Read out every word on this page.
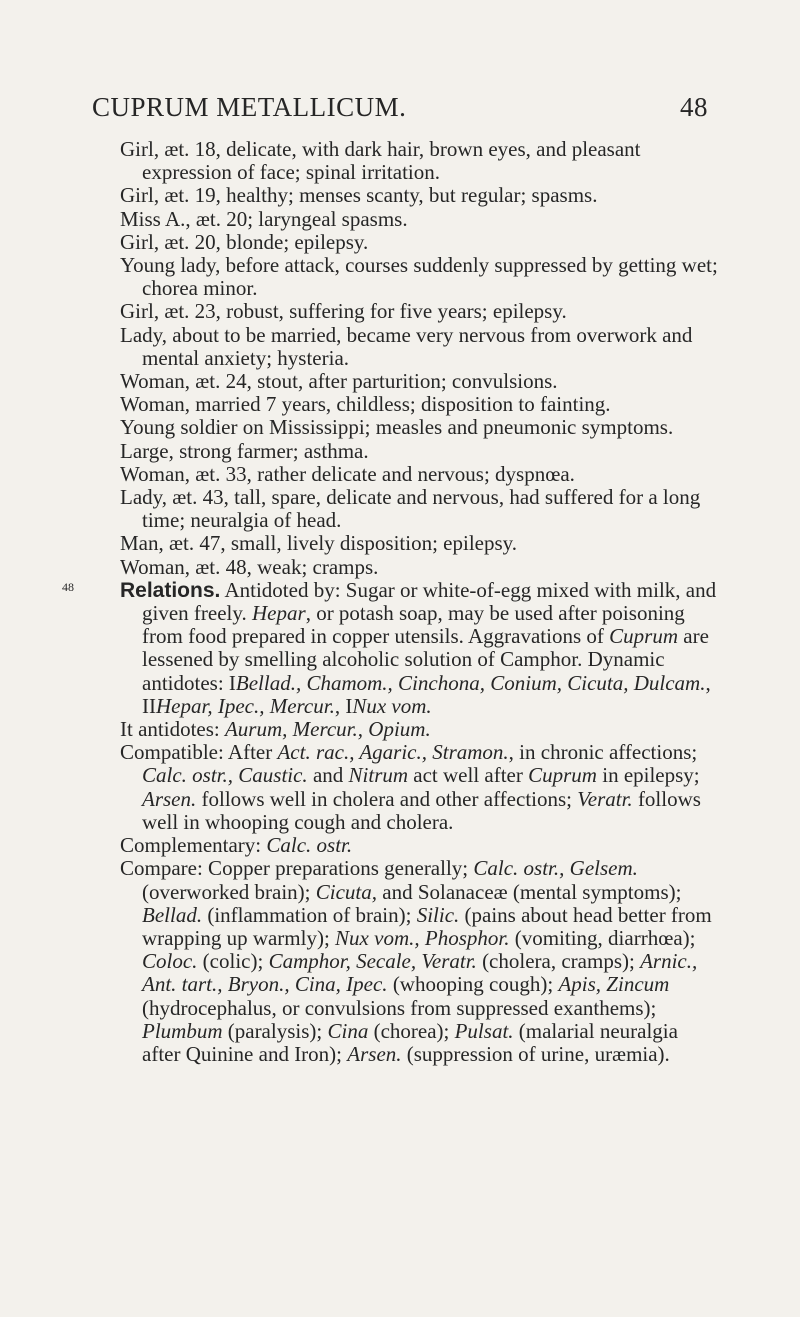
CUPRUM METALLICUM.	48
Girl, æt. 18, delicate, with dark hair, brown eyes, and pleasant expression of face; spinal irritation.
Girl, æt. 19, healthy; menses scanty, but regular; spasms.
Miss A., æt. 20; laryngeal spasms.
Girl, æt. 20, blonde; epilepsy.
Young lady, before attack, courses suddenly suppressed by getting wet; chorea minor.
Girl, æt. 23, robust, suffering for five years; epilepsy.
Lady, about to be married, became very nervous from overwork and mental anxiety; hysteria.
Woman, æt. 24, stout, after parturition; convulsions.
Woman, married 7 years, childless; disposition to fainting.
Young soldier on Mississippi; measles and pneumonic symptoms.
Large, strong farmer; asthma.
Woman, æt. 33, rather delicate and nervous; dyspnœa.
Lady, æt. 43, tall, spare, delicate and nervous, had suffered for a long time; neuralgia of head.
Man, æt. 47, small, lively disposition; epilepsy.
Woman, æt. 48, weak; cramps.
48	Relations. Antidoted by: Sugar or white-of-egg mixed with milk, and given freely. Hepar, or potash soap, may be used after poisoning from food prepared in copper utensils. Aggravations of Cuprum are lessened by smelling alcoholic solution of Camphor. Dynamic antidotes: IBellad., Chamom., Cinchona, Conium, Cicuta, Dulcam., IIHepar, Ipec., Mercur., INux vom.
It antidotes: Aurum, Mercur., Opium.
Compatible: After Act. rac., Agaric., Stramon., in chronic affections; Calc. ostr., Caustic. and Nitrum act well after Cuprum in epilepsy; Arsen. follows well in cholera and other affections; Veratr. follows well in whooping cough and cholera.
Complementary: Calc. ostr.
Compare: Copper preparations generally; Calc. ostr., Gelsem. (overworked brain); Cicuta, and Solanaceæ (mental symptoms); Bellad. (inflammation of brain); Silic. (pains about head better from wrapping up warmly); Nux vom., Phosphor. (vomiting, diarrhœa); Coloc. (colic); Camphor, Secale, Veratr. (cholera, cramps); Arnic., Ant. tart., Bryon., Cina, Ipec. (whooping cough); Apis, Zincum (hydrocephalus, or convulsions from suppressed exanthems); Plumbum (paralysis); Cina (chorea); Pulsat. (malarial neuralgia after Quinine and Iron); Arsen. (suppression of urine, uræmia).
